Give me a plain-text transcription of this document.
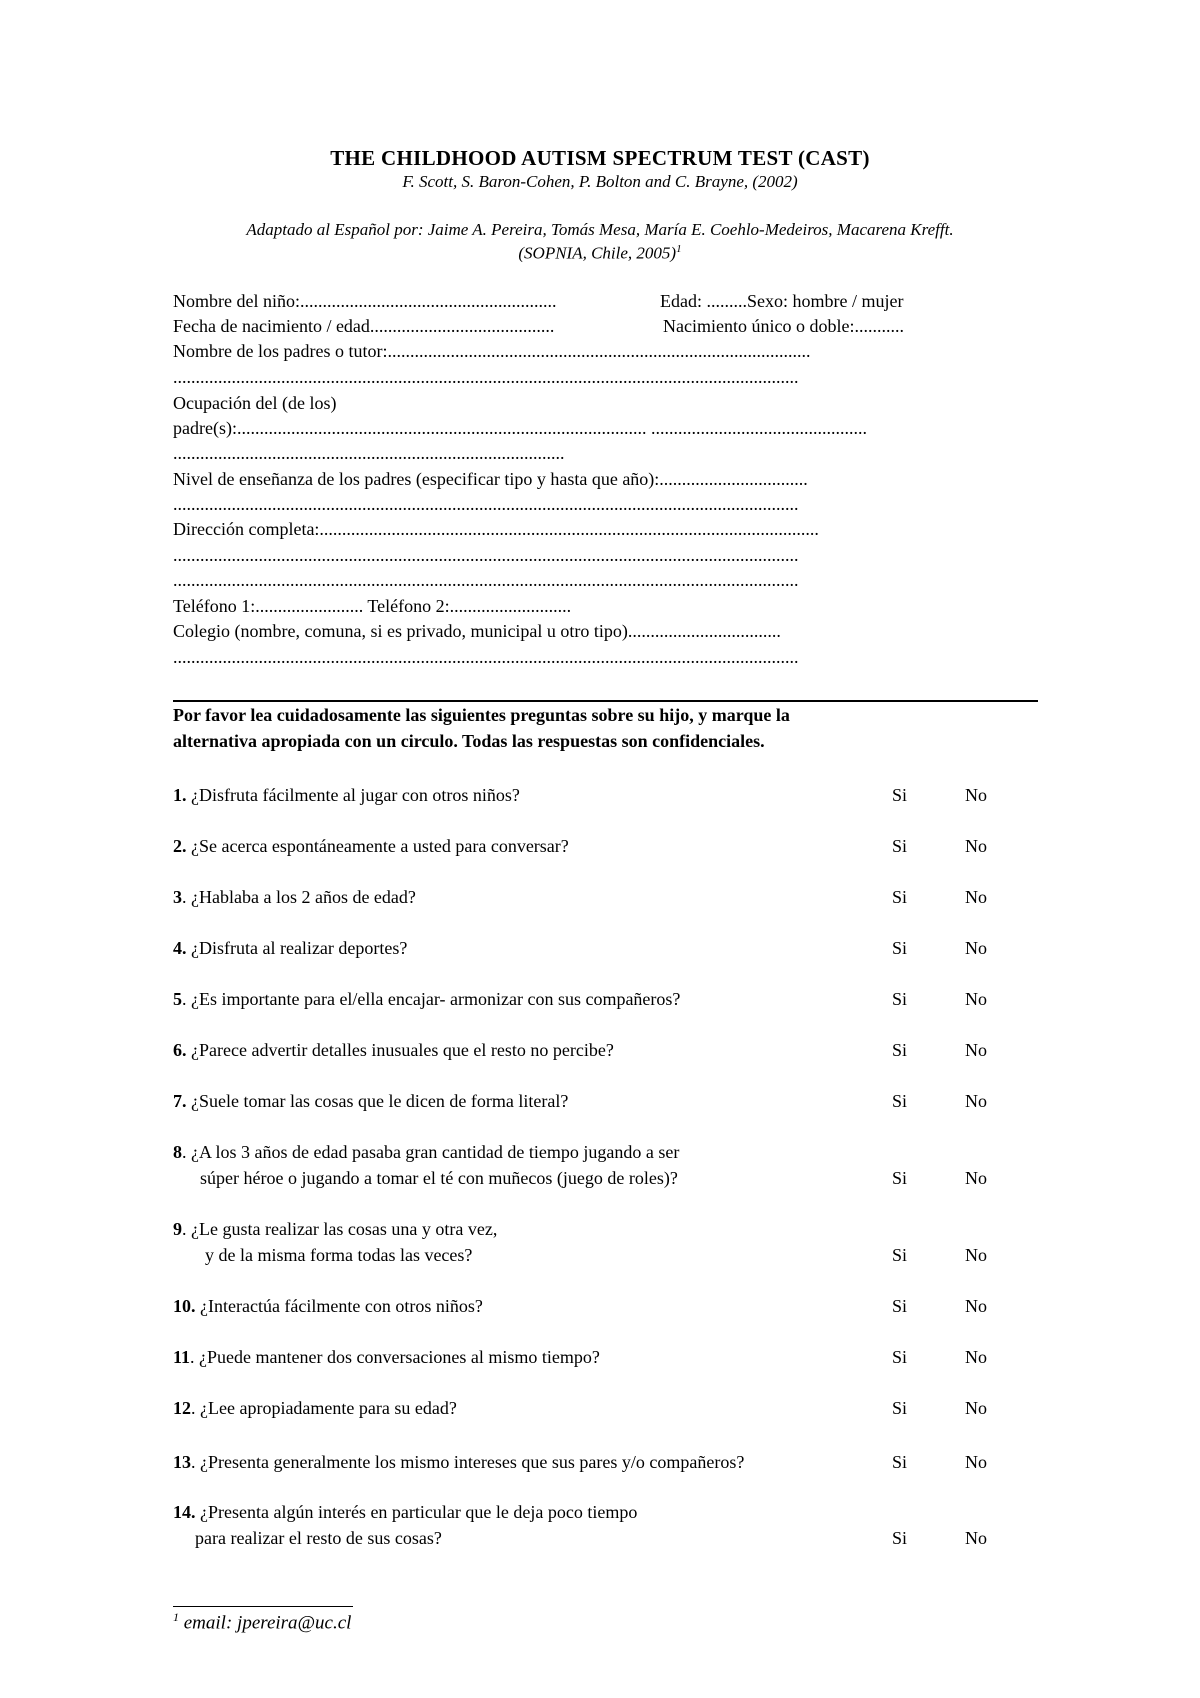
THE CHILDHOOD AUTISM SPECTRUM TEST (CAST)
F. Scott, S. Baron-Cohen, P. Bolton and C. Brayne, (2002)
Adaptado al Español por: Jaime A. Pereira, Tomás Mesa, María E. Coehlo-Medeiros, Macarena Krefft.
(SOPNIA, Chile, 2005)$^1$
Nombre del niño:.........................................................	Edad: .........Sexo: hombre / mujer
Fecha de nacimiento / edad.........................................	Nacimiento único o doble:...........
Nombre de los padres o tutor:..............................................................................................
...........................................................................................................................................
Ocupación del (de los)
padre(s):........................................................................................... ................................................
.......................................................................................
Nivel de enseñanza de los padres (especificar tipo y hasta que año):.................................
...........................................................................................................................................
Dirección completa:...............................................................................................................
...........................................................................................................................................
...........................................................................................................................................
Teléfono 1:........................ Teléfono 2:...........................
Colegio (nombre, comuna, si es privado, municipal u otro tipo)..................................
...........................................................................................................................................
Por favor lea cuidadosamente las siguientes preguntas sobre su hijo, y marque la
alternativa apropiada con un circulo. Todas las respuestas son confidenciales.
1. ¿Disfruta fácilmente al jugar con otros niños?	Si	No
2. ¿Se acerca espontáneamente a usted para conversar?	Si	No
3. ¿Hablaba a los 2 años de edad?	Si	No
4. ¿Disfruta al realizar deportes?	Si	No
5. ¿Es importante para el/ella encajar- armonizar con sus compañeros?	Si	No
6. ¿Parece advertir detalles inusuales que el resto no percibe?	Si	No
7. ¿Suele tomar las cosas que le dicen de forma literal?	Si	No
8. ¿A los 3 años de edad pasaba gran cantidad de tiempo jugando a ser
súper héroe o jugando a tomar el té con muñecos (juego de roles)?	Si	No
9. ¿Le gusta realizar las cosas una y otra vez,
y de la misma forma todas las veces?	Si	No
10. ¿Interactúa fácilmente con otros niños?	Si	No
11. ¿Puede mantener dos conversaciones al mismo tiempo?	Si	No
12. ¿Lee apropiadamente para su edad?	Si	No
13. ¿Presenta generalmente los mismo intereses que sus pares y/o compañeros?	Si	No
14. ¿Presenta algún interés en particular que le deja poco tiempo
para realizar el resto de sus cosas?	Si	No
$^1$ email: jpereira@uc.cl
